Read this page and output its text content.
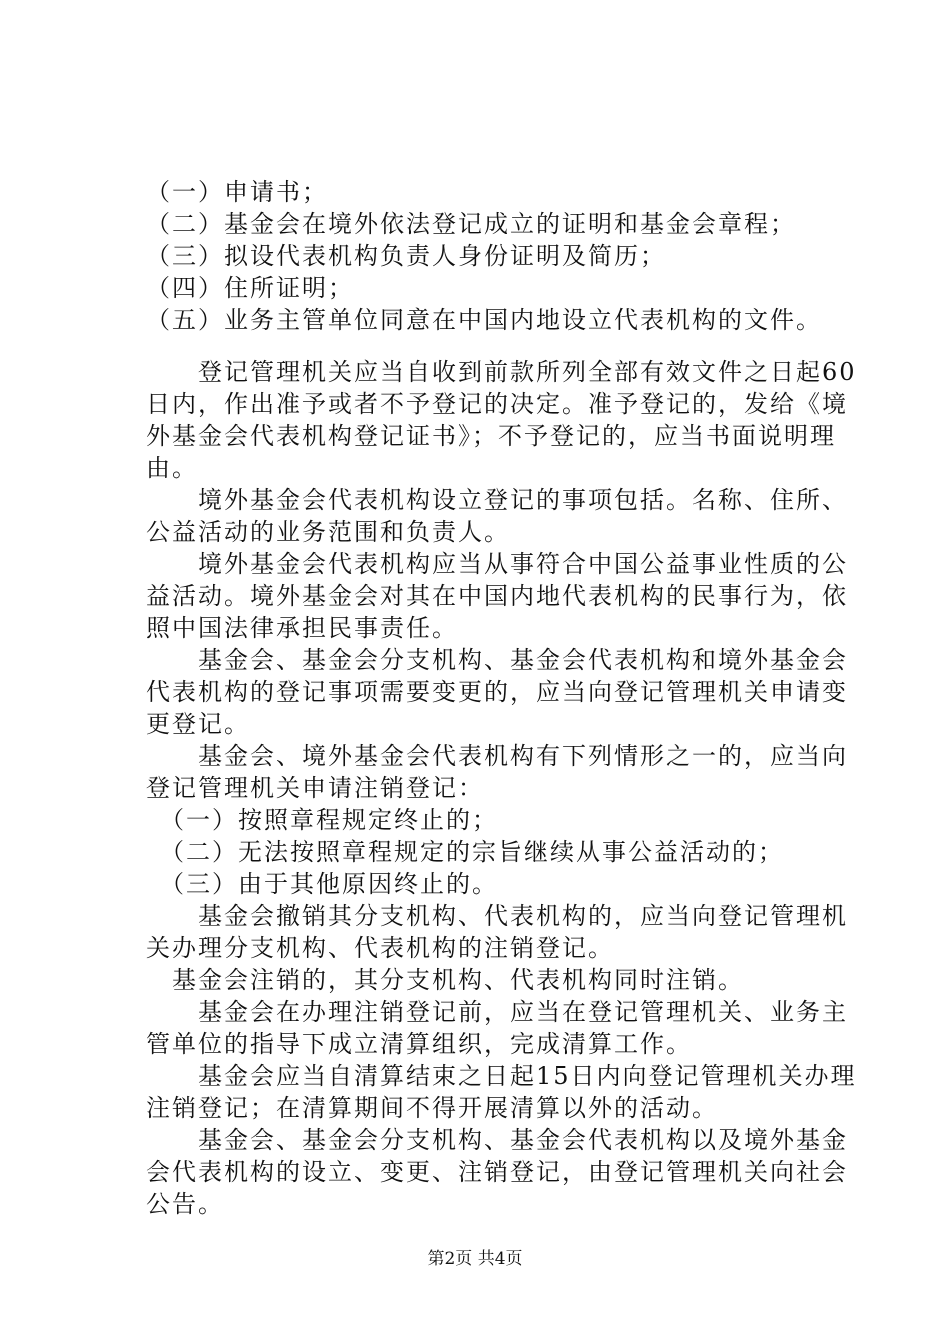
（一）申请书；
（二）基金会在境外依法登记成立的证明和基金会章程；
（三）拟设代表机构负责人身份证明及简历；
（四）住所证明；
（五）业务主管单位同意在中国内地设立代表机构的文件。
　　登记管理机关应当自收到前款所列全部有效文件之日起60
日内，作出准予或者不予登记的决定。准予登记的，发给《境
外基金会代表机构登记证书》；不予登记的，应当书面说明理
由。
　　境外基金会代表机构设立登记的事项包括。名称、住所、
公益活动的业务范围和负责人。
　　境外基金会代表机构应当从事符合中国公益事业性质的公
益活动。境外基金会对其在中国内地代表机构的民事行为，依
照中国法律承担民事责任。
　　基金会、基金会分支机构、基金会代表机构和境外基金会
代表机构的登记事项需要变更的，应当向登记管理机关申请变
更登记。
　　基金会、境外基金会代表机构有下列情形之一的，应当向
登记管理机关申请注销登记：
　（一）按照章程规定终止的；
　（二）无法按照章程规定的宗旨继续从事公益活动的；
　（三）由于其他原因终止的。
　　基金会撤销其分支机构、代表机构的，应当向登记管理机
关办理分支机构、代表机构的注销登记。
　基金会注销的，其分支机构、代表机构同时注销。
　　基金会在办理注销登记前，应当在登记管理机关、业务主
管单位的指导下成立清算组织，完成清算工作。
　　基金会应当自清算结束之日起15日内向登记管理机关办理
注销登记；在清算期间不得开展清算以外的活动。
　　基金会、基金会分支机构、基金会代表机构以及境外基金
会代表机构的设立、变更、注销登记，由登记管理机关向社会
公告。
第2页 共4页
